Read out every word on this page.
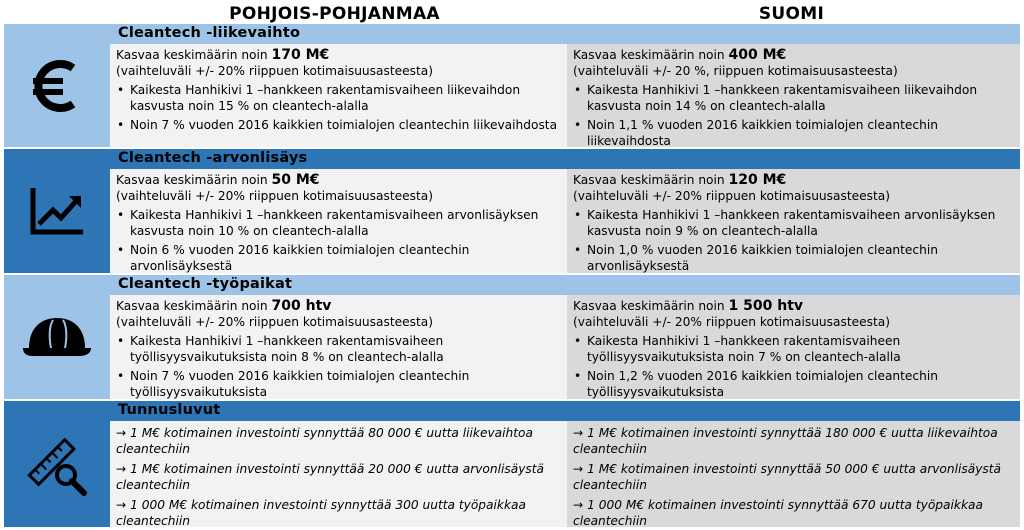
POHJOIS-POHJANMAA	SUOMI
Cleantech -liikevaihto
Kasvaa keskimäärin noin 170 M€
(vaihteluväli +/- 20% riippuen kotimaisuusasteesta)
• Kaikesta Hanhikivi 1 –hankkeen rakentamisvaiheen liikevaihdon kasvusta noin 15 % on cleantech-alalla
• Noin 7 % vuoden 2016 kaikkien toimialojen cleantechin liikevaihdosta
Kasvaa keskimäärin noin 400 M€
(vaihteluväli +/- 20 %, riippuen kotimaisuusasteesta)
• Kaikesta Hanhikivi 1 –hankkeen rakentamisvaiheen liikevaihdon kasvusta noin 14 % on cleantech-alalla
• Noin 1,1 % vuoden 2016 kaikkien toimialojen cleantechin liikevaihdosta
Cleantech -arvonlisäys
Kasvaa keskimäärin noin 50 M€
(vaihteluväli +/- 20% riippuen kotimaisuusasteesta)
• Kaikesta Hanhikivi 1 –hankkeen rakentamisvaiheen arvonlisäyksen kasvusta noin 10 % on cleantech-alalla
• Noin 6 % vuoden 2016 kaikkien toimialojen cleantechin arvonlisäyksestä
Kasvaa keskimäärin noin 120 M€
(vaihteluväli +/- 20% riippuen kotimaisuusasteesta)
• Kaikesta Hanhikivi 1 –hankkeen rakentamisvaiheen arvonlisäyksen kasvusta noin 9 % on cleantech-alalla
• Noin 1,0 % vuoden 2016 kaikkien toimialojen cleantechin arvonlisäyksestä
Cleantech -työpaikat
Kasvaa keskimäärin noin 700 htv
(vaihteluväli +/- 20% riippuen kotimaisuusasteesta)
• Kaikesta Hanhikivi 1 –hankkeen rakentamisvaiheen työllisyysvaikutuksista noin 8 % on cleantech-alalla
• Noin 7 % vuoden 2016 kaikkien toimialojen cleantechin työllisyysvaikutuksista
Kasvaa keskimäärin noin 1 500 htv
(vaihteluväli +/- 20% riippuen kotimaisuusasteesta)
• Kaikesta Hanhikivi 1 –hankkeen rakentamisvaiheen työllisyysvaikutuksista noin 7 % on cleantech-alalla
• Noin 1,2 % vuoden 2016 kaikkien toimialojen cleantechin työllisyysvaikutuksista
Tunnusluvut
→ 1 M€ kotimainen investointi synnyttää 80 000 € uutta liikevaihtoa cleantechiin
→ 1 M€ kotimainen investointi synnyttää 20 000 € uutta arvonlisäystä cleantechiin
→ 1 000 M€ kotimainen investointi synnyttää 300 uutta työpaikkaa cleantechiin
→ 1 M€ kotimainen investointi synnyttää 180 000 € uutta liikevaihtoa cleantechiin
→ 1 M€ kotimainen investointi synnyttää 50 000 € uutta arvonlisäystä cleantechiin
→ 1 000 M€ kotimainen investointi synnyttää 670 uutta työpaikkaa cleantechiin
